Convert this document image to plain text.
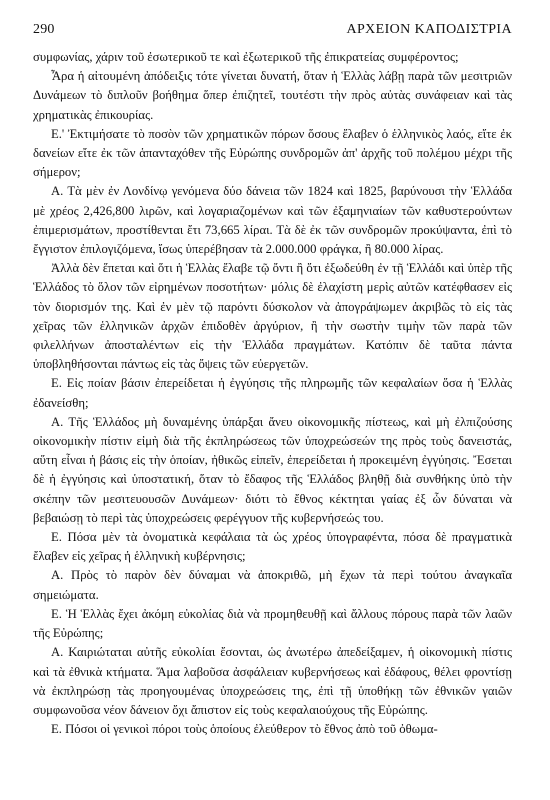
290	ΑΡΧΕΙΟΝ ΚΑΠΟΔΙΣΤΡΙΑ

συμφωνίας, χάριν τοῦ ἐσωτερικοῦ τε καὶ ἐξωτερικοῦ τῆς ἐπικρατείας συμφέροντος;

Ἆρα ἡ αἰτουμένη ἀπόδειξις τότε γίνεται δυνατή, ὅταν ἡ Ἑλλὰς λάβῃ παρὰ τῶν μεσιτριῶν Δυνάμεων τὸ διπλοῦν βοήθημα ὅπερ ἐπιζητεῖ, τουτέστι τὴν πρὸς αὐτὰς συνάφειαν καὶ τὰς χρηματικὰς ἐπικουρίας.

Ε.' Ἐκτιμήσατε τὸ ποσὸν τῶν χρηματικῶν πόρων ὅσους ἔλαβεν ὁ ἑλληνικὸς λαός, εἴτε ἐκ δανείων εἴτε ἐκ τῶν ἁπανταχόθεν τῆς Εὐρώπης συνδρομῶν ἀπ' ἀρχῆς τοῦ πολέμου μέχρι τῆς σήμερον;

Α. Τὰ μὲν ἐν Λονδίνῳ γενόμενα δύο δάνεια τῶν 1824 καὶ 1825, βαρύνουσι τὴν Ἑλλάδα μὲ χρέος 2,426,800 λιρῶν, καὶ λογαριαζομένων καὶ τῶν ἐξαμηνιαίων τῶν καθυστερούντων ἐπιμερισμάτων, προστίθενται ἔτι 73,665 λίραι. Τὰ δὲ ἐκ τῶν συνδρομῶν προκύψαντα, ἐπὶ τὸ ἔγγιστον ἐπιλογιζόμενα, ἴσως ὑπερέβησαν τὰ 2.000.000 φράγκα, ἢ 80.000 λίρας.

Ἀλλὰ δὲν ἕπεται καὶ ὅτι ἡ Ἑλλὰς ἔλαβε τῷ ὄντι ἢ ὅτι ἐξωδεύθη ἐν τῇ Ἑλλάδι καὶ ὑπὲρ τῆς Ἑλλάδος τὸ ὅλον τῶν εἰρημένων ποσοτήτων· μόλις δὲ ἐλαχίστη μερὶς αὐτῶν κατέφθασεν εἰς τὸν διορισμόν της. Καὶ ἐν μὲν τῷ παρόντι δύσκολον νὰ ἀπογράψωμεν ἀκριβῶς τὸ εἰς τὰς χεῖρας τῶν ἑλληνικῶν ἀρχῶν ἐπιδοθὲν ἀργύριον, ἢ τὴν σωστὴν τιμὴν τῶν παρὰ τῶν φιλελλήνων ἀποσταλέντων εἰς τὴν Ἑλλάδα πραγμάτων. Κατόπιν δὲ ταῦτα πάντα ὑποβληθήσονται πάντως εἰς τὰς ὄψεις τῶν εὐεργετῶν.

Ε. Εἰς ποίαν βάσιν ἐπερείδεται ἡ ἐγγύησις τῆς πληρωμῆς τῶν κεφαλαίων ὅσα ἡ Ἑλλὰς ἐδανείσθη;

Α. Τῆς Ἑλλάδος μὴ δυναμένης ὑπάρξαι ἄνευ οἰκονομικῆς πίστεως, καὶ μὴ ἐλπιζούσης οἰκονομικὴν πίστιν εἰμὴ διὰ τῆς ἐκπληρώσεως τῶν ὑποχρεώσεών της πρὸς τοὺς δανειστάς, αὕτη εἶναι ἡ βάσις εἰς τὴν ὁποίαν, ἠθικῶς εἰπεῖν, ἐπερείδεται ἡ προκειμένη ἐγγύησις. Ἔσεται δὲ ἡ ἐγγύησις καὶ ὑποστατική, ὅταν τὸ ἔδαφος τῆς Ἑλλάδος βληθῇ διὰ συνθήκης ὑπὸ τὴν σκέπην τῶν μεσιτευουσῶν Δυνάμεων· διότι τὸ ἔθνος κέκτηται γαίας ἐξ ὧν δύναται νὰ βεβαιώσῃ τὸ περὶ τὰς ὑποχρεώσεις φερέγγυον τῆς κυβερνήσεώς του.

Ε. Πόσα μὲν τὰ ὀνοματικὰ κεφάλαια τὰ ὡς χρέος ὑπογραφέντα, πόσα δὲ πραγματικὰ ἔλαβεν εἰς χεῖρας ἡ ἑλληνικὴ κυβέρνησις;

Α. Πρὸς τὸ παρὸν δὲν δύναμαι νὰ ἀποκριθῶ, μὴ ἔχων τὰ περὶ τούτου ἀναγκαῖα σημειώματα.

Ε. Ἡ Ἑλλὰς ἔχει ἀκόμη εὐκολίας διὰ νὰ προμηθευθῇ καὶ ἄλλους πόρους παρὰ τῶν λαῶν τῆς Εὐρώπης;

Α. Καιριώταται αὐτῆς εὐκολίαι ἔσονται, ὡς ἀνωτέρω ἀπεδείξαμεν, ἡ οἰκονομικὴ πίστις καὶ τὰ ἐθνικὰ κτήματα. Ἅμα λαβοῦσα ἀσφάλειαν κυβερνήσεως καὶ ἐδάφους, θέλει φροντίσῃ νὰ ἐκπληρώσῃ τὰς προηγουμένας ὑποχρεώσεις της, ἐπὶ τῇ ὑποθήκῃ τῶν ἐθνικῶν γαιῶν συμφωνοῦσα νέον δάνειον ὄχι ἄπιστον εἰς τοὺς κεφαλαιούχους τῆς Εὐρώπης.

Ε. Πόσοι οἱ γενικοὶ πόροι τοὺς ὁποίους ἐλεύθερον τὸ ἔθνος ἀπὸ τοῦ ὀθωμα-
